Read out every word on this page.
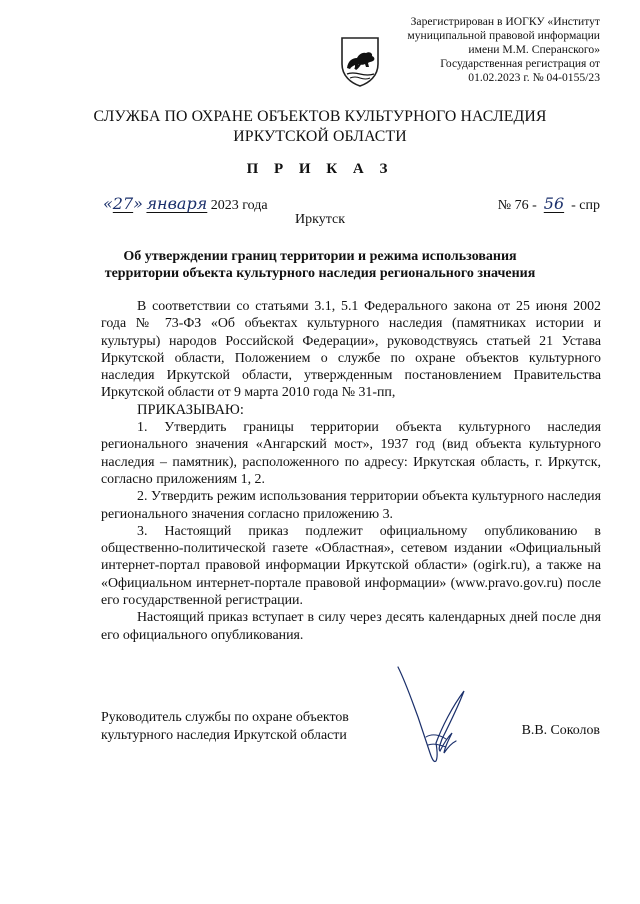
Зарегистрирован в ИОГКУ «Институт
муниципальной правовой информации
имени М.М. Сперанского»
Государственная регистрация от
01.02.2023 г. № 04-0155/23
СЛУЖБА ПО ОХРАНЕ ОБЪЕКТОВ КУЛЬТУРНОГО НАСЛЕДИЯ
ИРКУТСКОЙ ОБЛАСТИ
П Р И К А З
«27» января 2023 года	№ 76 - 56 - спр
Иркутск
Об утверждении границ территории и режима использования
территории объекта культурного наследия регионального значения

В соответствии со статьями 3.1, 5.1 Федерального закона от 25 июня 2002 года № 73-ФЗ «Об объектах культурного наследия (памятниках истории и культуры) народов Российской Федерации», руководствуясь статьей 21 Устава Иркутской области, Положением о службе по охране объектов культурного наследия Иркутской области, утвержденным постановлением Правительства Иркутской области от 9 марта 2010 года № 31-пп,

ПРИКАЗЫВАЮ:

1. Утвердить границы территории объекта культурного наследия регионального значения «Ангарский мост», 1937 год (вид объекта культурного наследия – памятник), расположенного по адресу: Иркутская область, г. Иркутск, согласно приложениям 1, 2.

2. Утвердить режим использования территории объекта культурного наследия регионального значения согласно приложению 3.

3. Настоящий приказ подлежит официальному опубликованию в общественно-политической газете «Областная», сетевом издании «Официальный интернет-портал правовой информации Иркутской области» (ogirk.ru), а также на «Официальном интернет-портале правовой информации» (www.pravo.gov.ru) после его государственной регистрации.

Настоящий приказ вступает в силу через десять календарных дней после дня его официального опубликования.

Руководитель службы по охране объектов
культурного наследия Иркутской области	В.В. Соколов
